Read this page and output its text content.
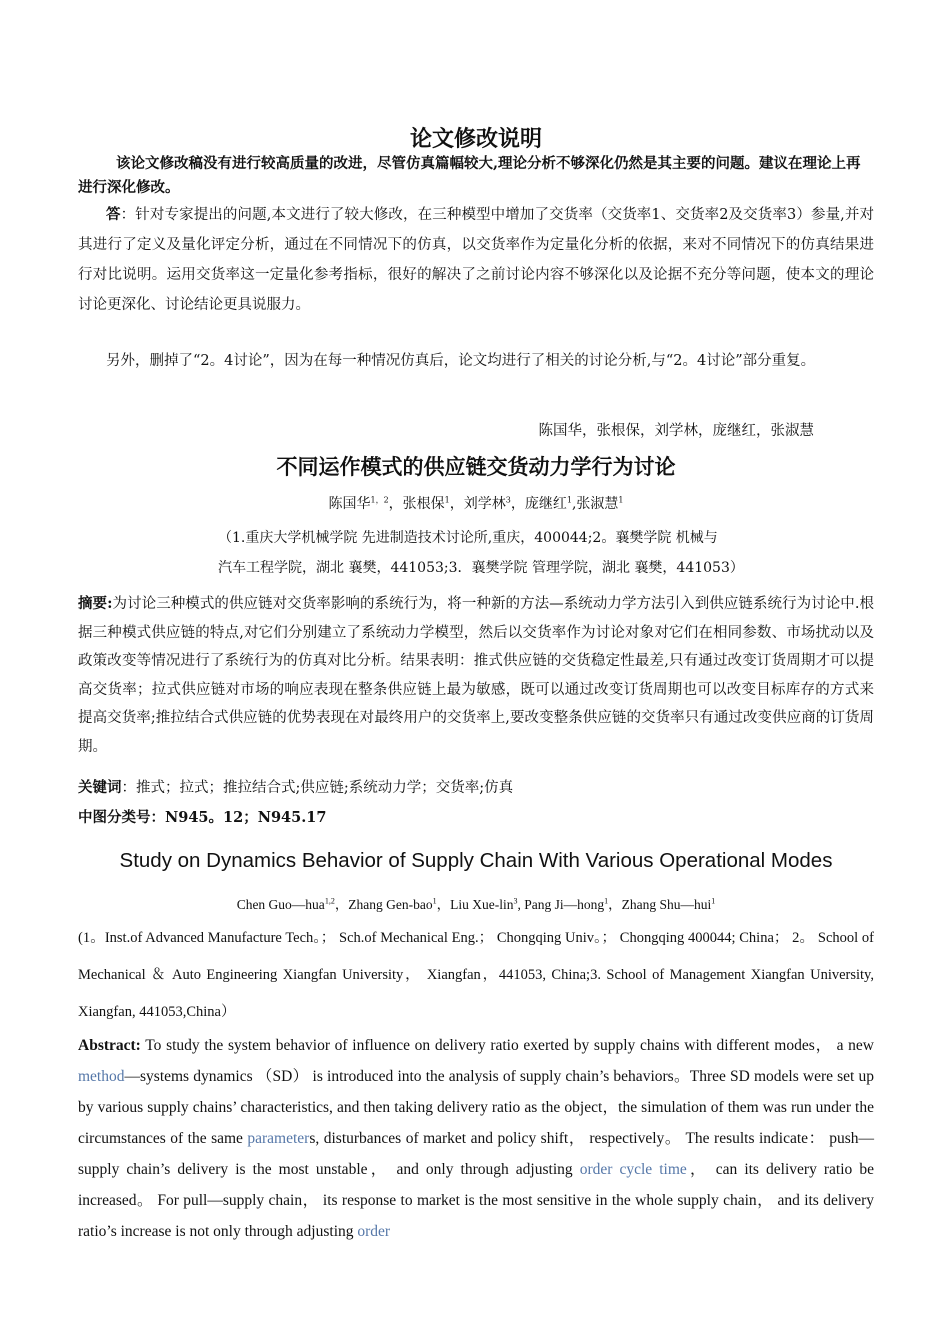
论文修改说明
该论文修改稿没有进行较高质量的改进，尽管仿真篇幅较大,理论分析不够深化仍然是其主要的问题。建议在理论上再进行深化修改。
答：针对专家提出的问题,本文进行了较大修改，在三种模型中增加了交货率（交货率1、交货率2及交货率3）参量,并对其进行了定义及量化评定分析，通过在不同情况下的仿真，以交货率作为定量化分析的依据，来对不同情况下的仿真结果进行对比说明。运用交货率这一定量化参考指标，很好的解决了之前讨论内容不够深化以及论据不充分等问题，使本文的理论讨论更深化、讨论结论更具说服力。
另外，删掉了“2。4讨论”，因为在每一种情况仿真后，论文均进行了相关的讨论分析,与“2。4讨论”部分重复。
陈国华，张根保，刘学林，庞继红，张淑慧
不同运作模式的供应链交货动力学行为讨论
陈国华$^{1,2}$，张根保$^1$，刘学林$^3$，庞继红$^1$,张淑慧$^1$
（1.重庆大学机械学院 先进制造技术讨论所,重庆，400044;2。襄樊学院 机械与
汽车工程学院，湖北 襄樊，441053;3．襄樊学院 管理学院，湖北 襄樊，441053）
摘要:为讨论三种模式的供应链对交货率影响的系统行为，将一种新的方法—系统动力学方法引入到供应链系统行为讨论中.根据三种模式供应链的特点,对它们分别建立了系统动力学模型，然后以交货率作为讨论对象对它们在相同参数、市场扰动以及政策改变等情况进行了系统行为的仿真对比分析。结果表明：推式供应链的交货稳定性最差,只有通过改变订货周期才可以提高交货率；拉式供应链对市场的响应表现在整条供应链上最为敏感，既可以通过改变订货周期也可以改变目标库存的方式来提高交货率;推拉结合式供应链的优势表现在对最终用户的交货率上,要改变整条供应链的交货率只有通过改变供应商的订货周期。
关键词：推式；拉式；推拉结合式;供应链;系统动力学；交货率;仿真
中图分类号：N945。12；N945.17
Study on Dynamics Behavior of Supply Chain With Various Operational Modes
Chen Guo—hua$^{1,2}$，Zhang Gen-bao$^1$，Liu Xue-lin$^3$, Pang Ji—hong$^1$，Zhang Shu—hui$^1$
(1。Inst.of Advanced Manufacture Tech。； Sch.of Mechanical Eng.； Chongqing Univ。； Chongqing 400044; China； 2。 School of Mechanical ＆ Auto Engineering Xiangfan University， Xiangfan，441053, China;3. School of Management Xiangfan University, Xiangfan, 441053,China）
Abstract: To study the system behavior of influence on delivery ratio exerted by supply chains with different modes， a new method—systems dynamics （SD） is introduced into the analysis of supply chain’s behaviors。Three SD models were set up by various supply chains’ characteristics, and then taking delivery ratio as the object，the simulation of them was run under the circumstances of the same parameters, disturbances of market and policy shift， respectively。 The results indicate： push—supply chain’s delivery is the most unstable， and only through adjusting order cycle time， can its delivery ratio be increased。 For pull—supply chain， its response to market is the most sensitive in the whole supply chain， and its delivery ratio’s increase is not only through adjusting order
